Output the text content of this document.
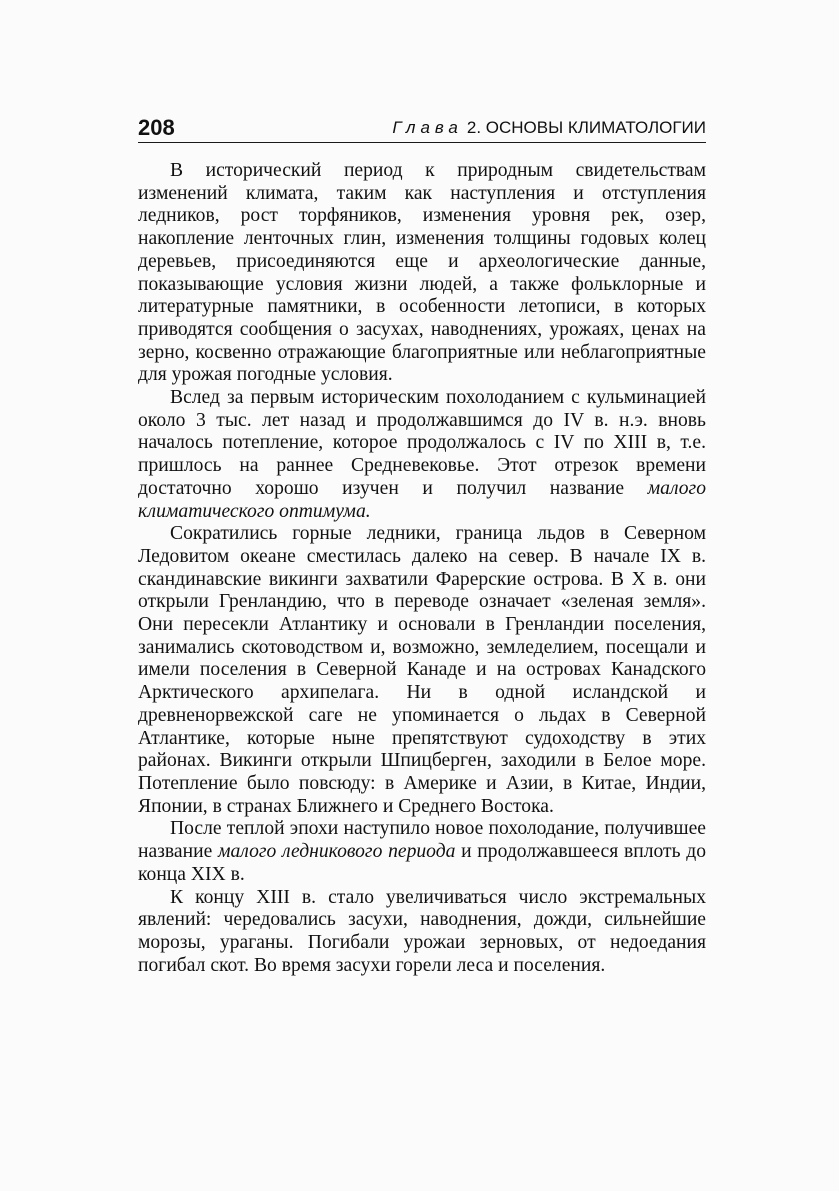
208	Глава 2. ОСНОВЫ КЛИМАТОЛОГИИ

В исторический период к природным свидетельствам изменений климата, таким как наступления и отступления ледников, рост торфяников, изменения уровня рек, озер, накопление ленточных глин, изменения толщины годовых колец деревьев, присоединяются еще и археологические данные, показывающие условия жизни людей, а также фольклорные и литературные памятники, в особенности летописи, в которых приводятся сообщения о засухах, наводнениях, урожаях, ценах на зерно, косвенно отражающие благоприятные или неблагоприятные для урожая погодные условия.

Вслед за первым историческим похолоданием с кульминацией около 3 тыс. лет назад и продолжавшимся до IV в. н.э. вновь началось потепление, которое продолжалось с IV по XIII в, т.е. пришлось на раннее Средневековье. Этот отрезок времени достаточно хорошо изучен и получил название малого климатического оптимума.

Сократились горные ледники, граница льдов в Северном Ледовитом океане сместилась далеко на север. В начале IX в. скандинавские викинги захватили Фарерские острова. В X в. они открыли Гренландию, что в переводе означает «зеленая земля». Они пересекли Атлантику и основали в Гренландии поселения, занимались скотоводством и, возможно, земледелием, посещали и имели поселения в Северной Канаде и на островах Канадского Арктического архипелага. Ни в одной исландской и древненорвежской саге не упоминается о льдах в Северной Атлантике, которые ныне препятствуют судоходству в этих районах. Викинги открыли Шпицберген, заходили в Белое море. Потепление было повсюду: в Америке и Азии, в Китае, Индии, Японии, в странах Ближнего и Среднего Востока.

После теплой эпохи наступило новое похолодание, получившее название малого ледникового периода и продолжавшееся вплоть до конца XIX в.

К концу XIII в. стало увеличиваться число экстремальных явлений: чередовались засухи, наводнения, дожди, сильнейшие морозы, ураганы. Погибали урожаи зерновых, от недоедания погибал скот. Во время засухи горели леса и поселения.
